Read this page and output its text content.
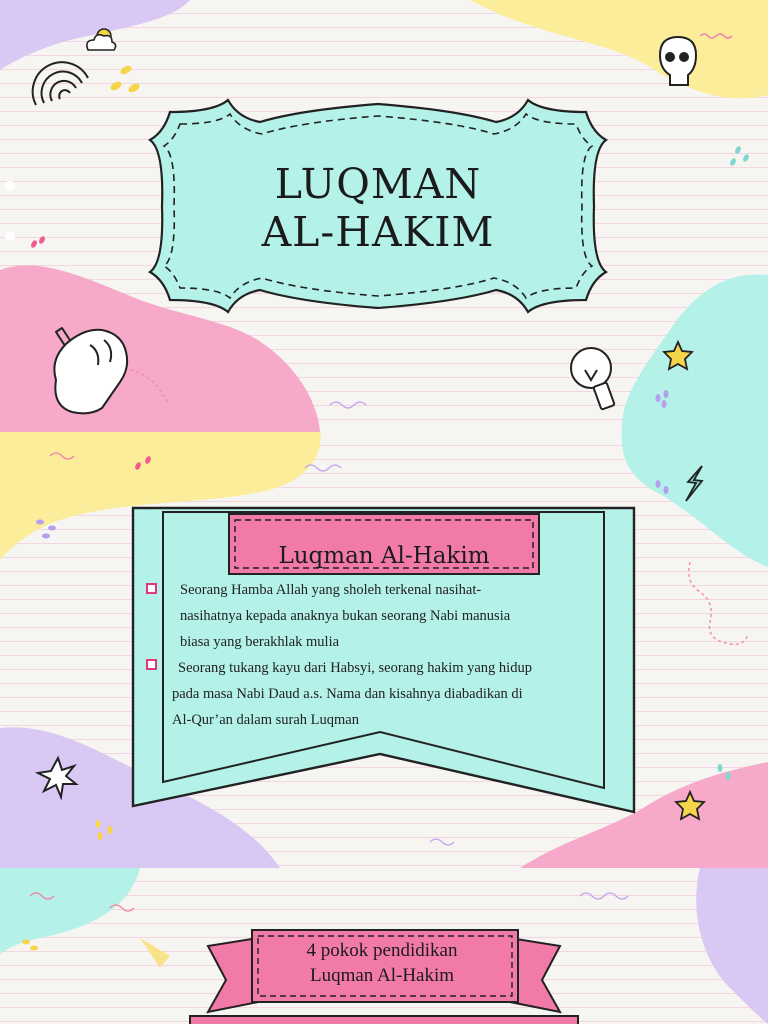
LUQMAN
AL-HAKIM
Luqman Al-Hakim
Seorang Hamba Allah yang sholeh terkenal nasihat-
nasihatnya kepada anaknya bukan seorang Nabi manusia
biasa yang berakhlak mulia
Seorang tukang kayu dari Habsyi, seorang hakim yang hidup
pada masa Nabi Daud a.s. Nama dan kisahnya diabadikan di
Al-Qur’an dalam surah Luqman
4 pokok pendidikan
Luqman Al-Hakim
